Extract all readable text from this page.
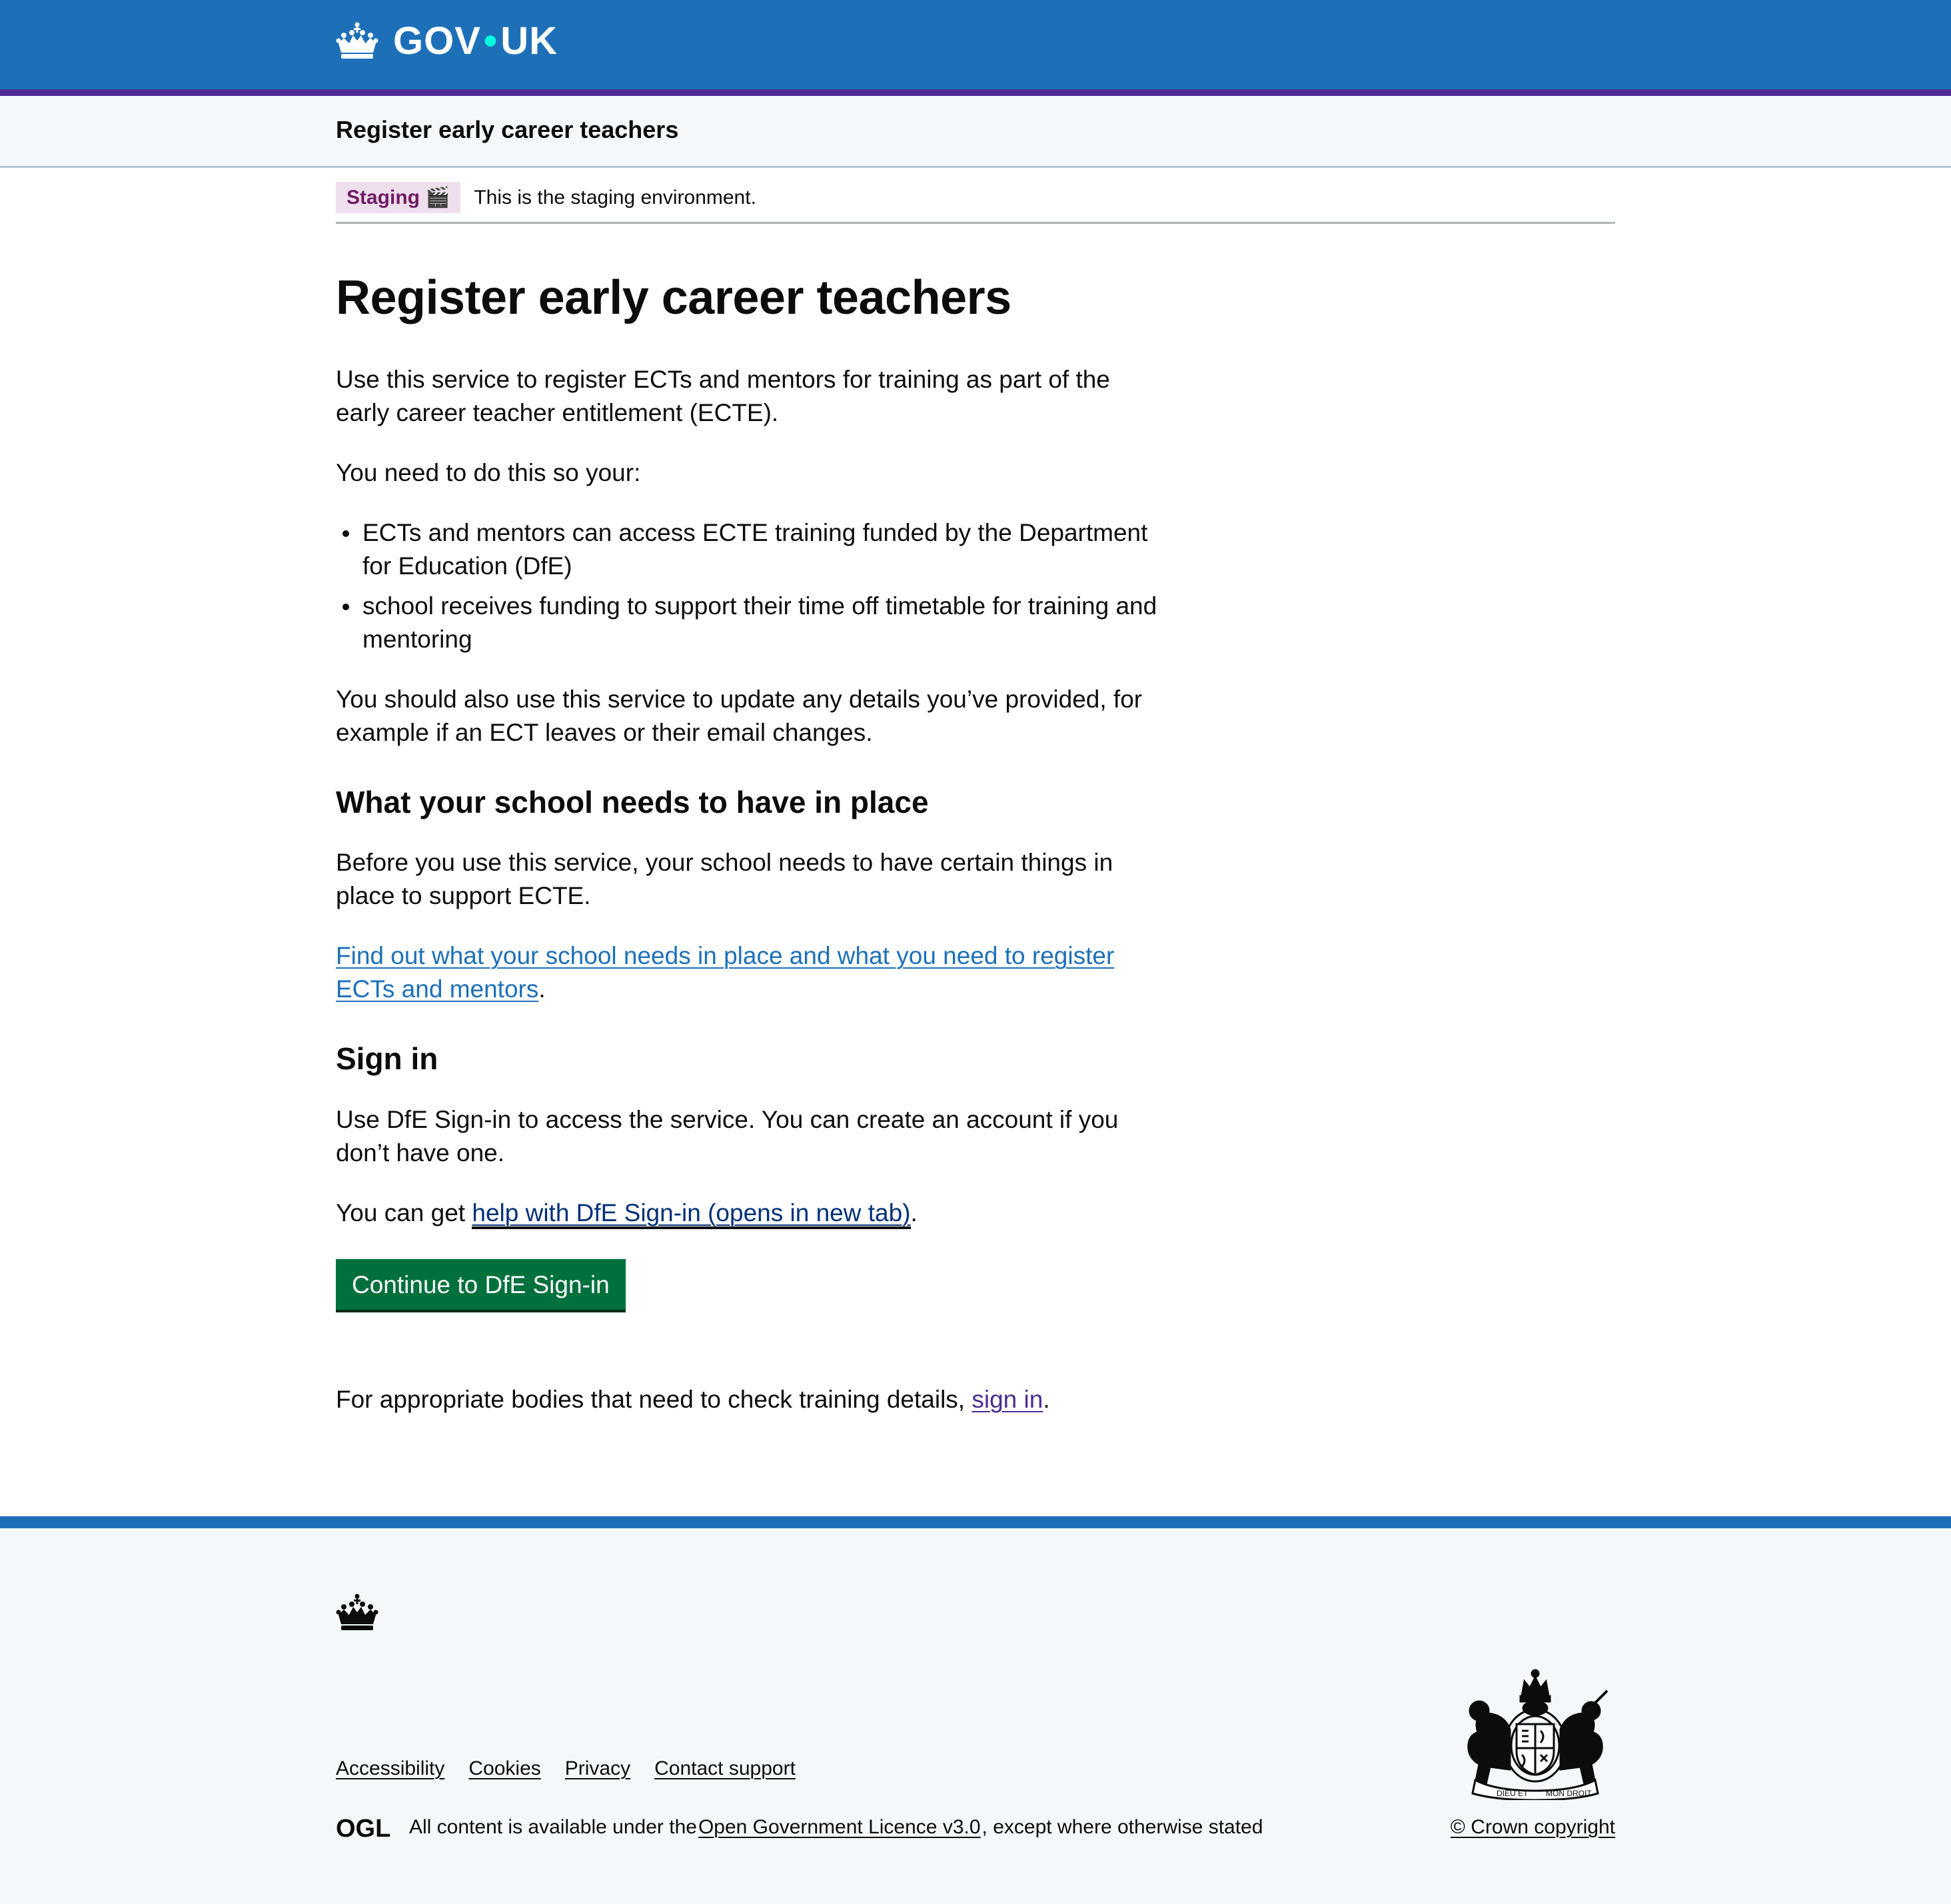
GOV•UK
Register early career teachers
Staging 🎬 This is the staging environment.
Register early career teachers

Use this service to register ECTs and mentors for training as part of the early career teacher entitlement (ECTE).

You need to do this so your:

ECTs and mentors can access ECTE training funded by the Department for Education (DfE)
school receives funding to support their time off timetable for training and mentoring

You should also use this service to update any details you’ve provided, for example if an ECT leaves or their email changes.

What your school needs to have in place

Before you use this service, your school needs to have certain things in place to support ECTE.

Find out what your school needs in place and what you need to register ECTs and mentors.

Sign in

Use DfE Sign-in to access the service. You can create an account if you don’t have one.

You can get help with DfE Sign-in (opens in new tab).

Continue to DfE Sign-in

For appropriate bodies that need to check training details, sign in.

Accessibility Cookies Privacy Contact support
OGL All content is available under the Open Government Licence v3.0 , except where otherwise stated
DIEU ET MON DROIT
© Crown copyright
